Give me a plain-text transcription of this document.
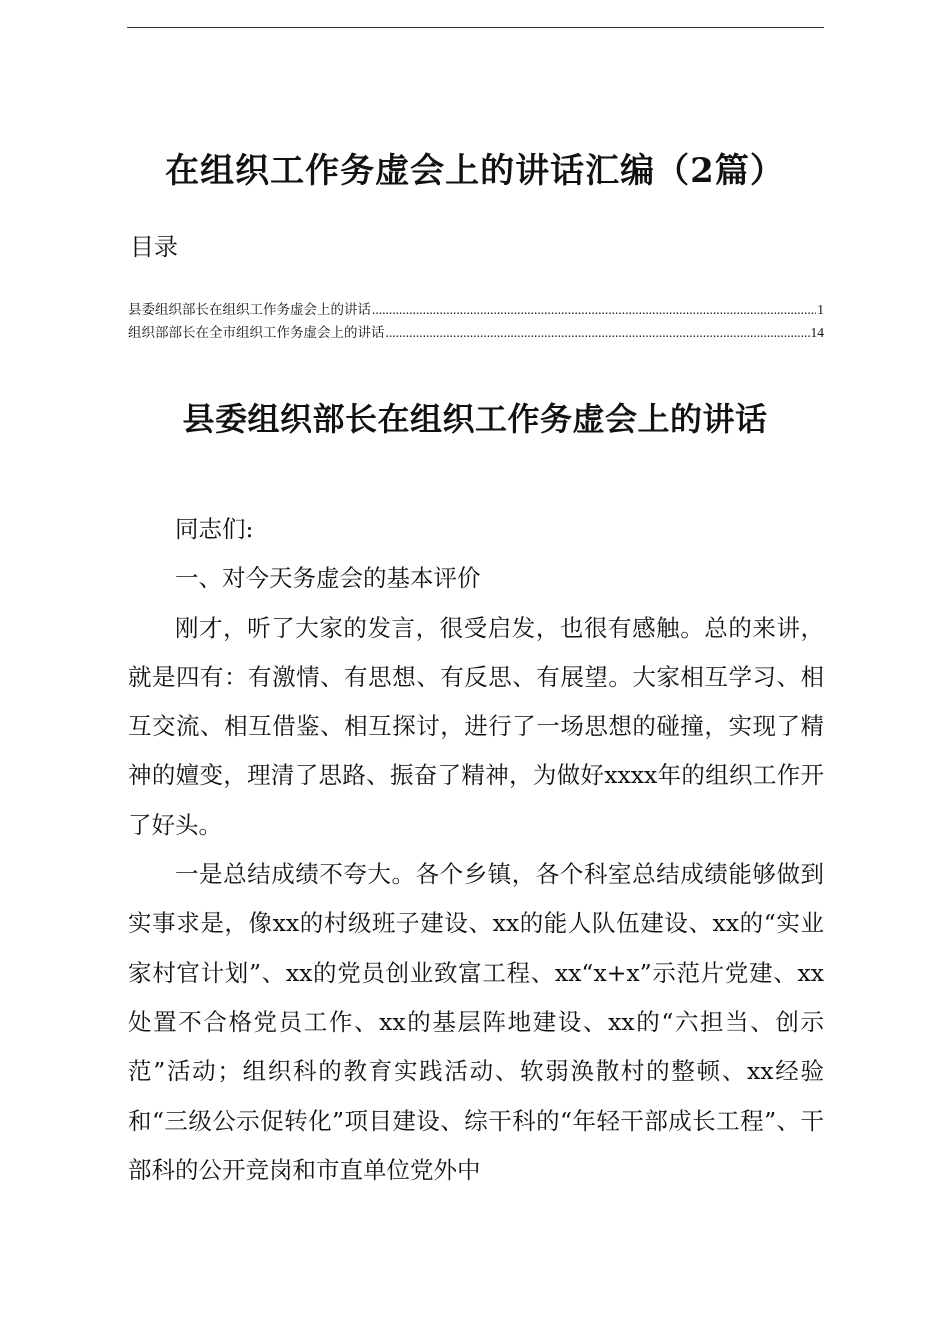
在组织工作务虚会上的讲话汇编（2篇）
目录
县委组织部长在组织工作务虚会上的讲话 .....	1
组织部部长在全市组织工作务虚会上的讲话 .....	14
县委组织部长在组织工作务虚会上的讲话

同志们:

一、对今天务虚会的基本评价

刚才，听了大家的发言，很受启发，也很有感触。总的来讲，就是四有：有激情、有思想、有反思、有展望。大家相互学习、相互交流、相互借鉴、相互探讨，进行了一场思想的碰撞，实现了精神的嬗变，理清了思路、振奋了精神，为做好xxxx年的组织工作开了好头。

一是总结成绩不夸大。各个乡镇，各个科室总结成绩能够做到实事求是，像xx的村级班子建设、xx的能人队伍建设、xx的“实业家村官计划”、xx的党员创业致富工程、xx“x+x”示范片党建、xx处置不合格党员工作、xx的基层阵地建设、xx的“六担当、创示范”活动；组织科的教育实践活动、软弱涣散村的整顿、xx经验和“三级公示促转化”项目建设、综干科的“年轻干部成长工程”、干部科的公开竞岗和市直单位党外中
